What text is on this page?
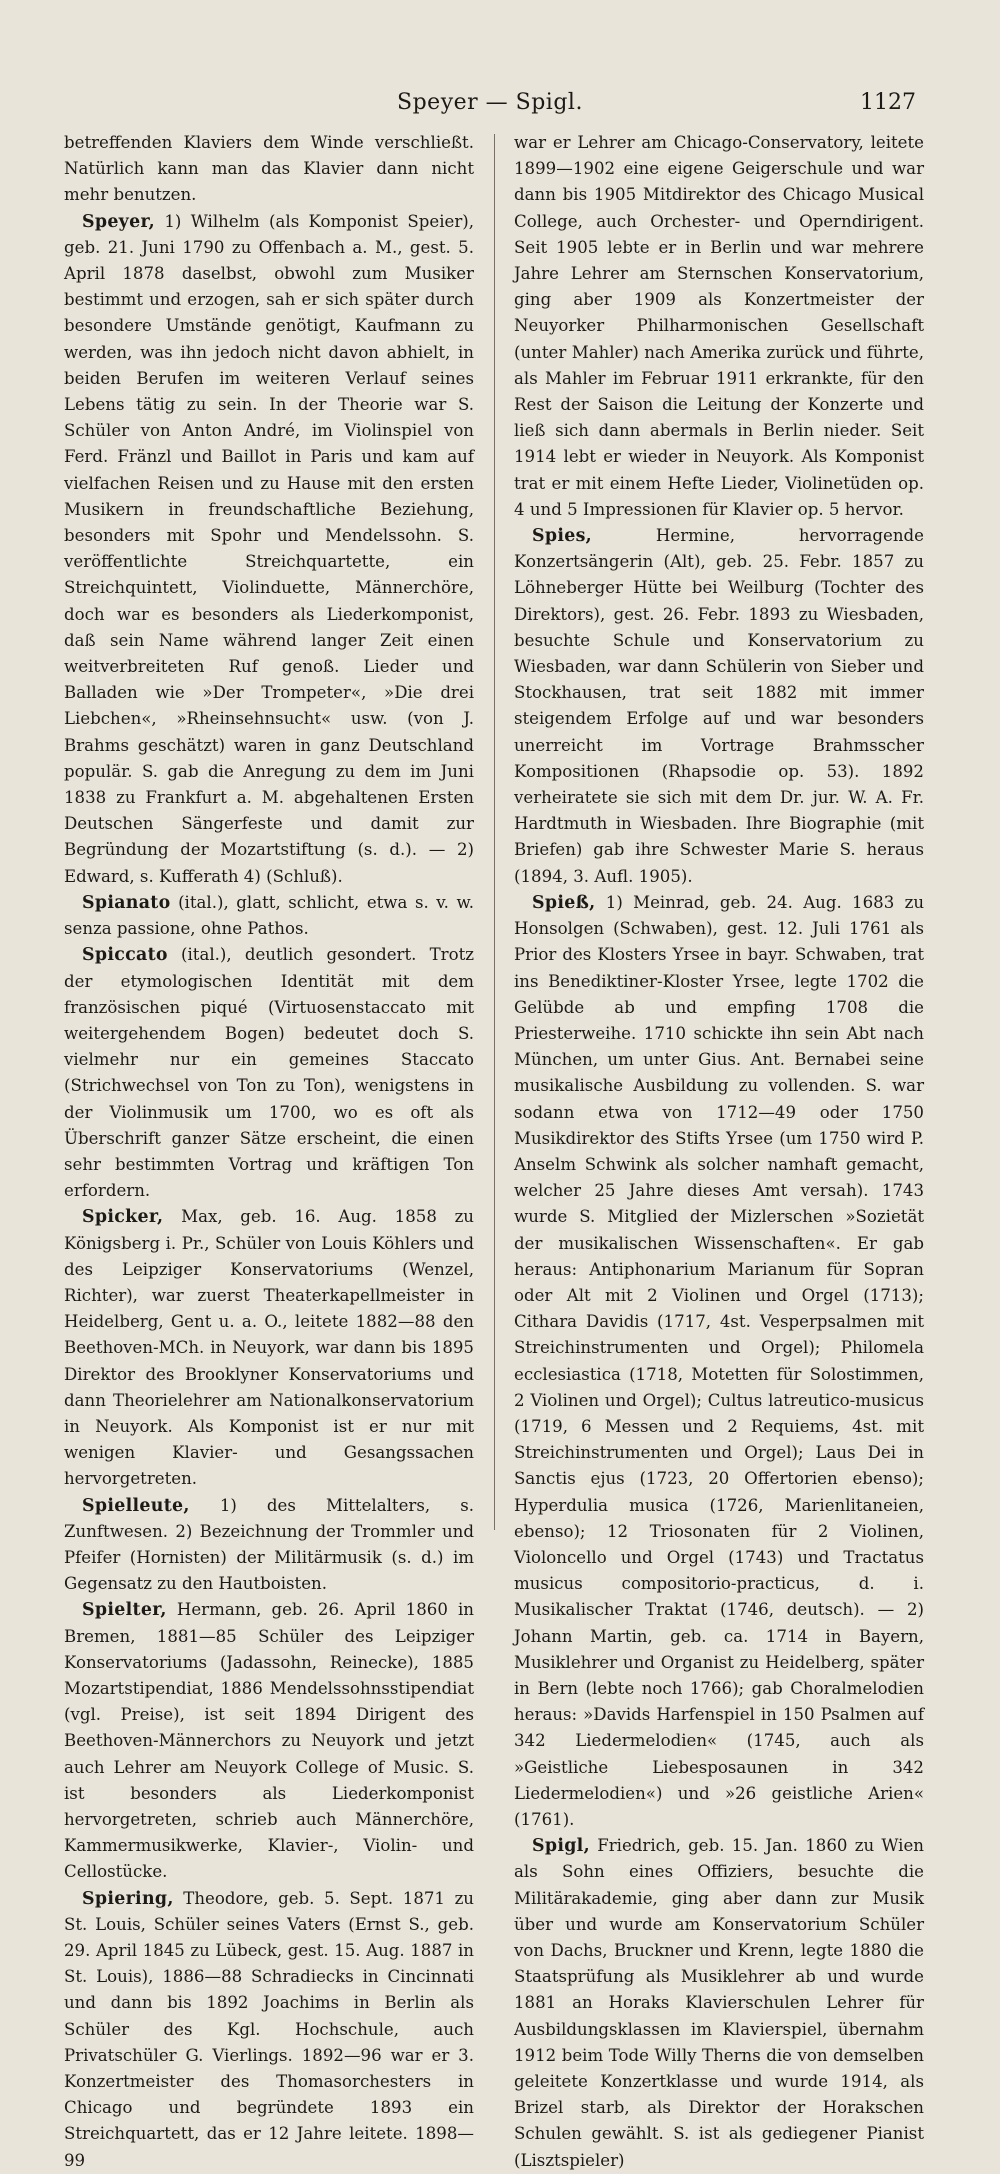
Speyer — Spigl.	1127

betreffenden Klaviers dem Winde verschließt. Natürlich kann man das Klavier dann nicht mehr benutzen.

Speyer, 1) Wilhelm (als Komponist Speier), geb. 21. Juni 1790 zu Offenbach a. M., gest. 5. April 1878 daselbst, obwohl zum Musiker bestimmt und erzogen, sah er sich später durch besondere Umstände genötigt, Kaufmann zu werden, was ihn jedoch nicht davon abhielt, in beiden Berufen im weiteren Verlauf seines Lebens tätig zu sein. In der Theorie war S. Schüler von Anton André, im Violinspiel von Ferd. Fränzl und Baillot in Paris und kam auf vielfachen Reisen und zu Hause mit den ersten Musikern in freundschaftliche Beziehung, besonders mit Spohr und Mendelssohn. S. veröffentlichte Streichquartette, ein Streichquintett, Violinduette, Männerchöre, doch war es besonders als Liederkomponist, daß sein Name während langer Zeit einen weitverbreiteten Ruf genoß. Lieder und Balladen wie »Der Trompeter«, »Die drei Liebchen«, »Rheinsehnsucht« usw. (von J. Brahms geschätzt) waren in ganz Deutschland populär. S. gab die Anregung zu dem im Juni 1838 zu Frankfurt a. M. abgehaltenen Ersten Deutschen Sängerfeste und damit zur Begründung der Mozartstiftung (s. d.). — 2) Edward, s. Kufferath 4) (Schluß).

Spianato (ital.), glatt, schlicht, etwa s. v. w. senza passione, ohne Pathos.

Spiccato (ital.), deutlich gesondert. Trotz der etymologischen Identität mit dem französischen piqué (Virtuosenstaccato mit weitergehendem Bogen) bedeutet doch S. vielmehr nur ein gemeines Staccato (Strichwechsel von Ton zu Ton), wenigstens in der Violinmusik um 1700, wo es oft als Überschrift ganzer Sätze erscheint, die einen sehr bestimmten Vortrag und kräftigen Ton erfordern.

Spicker, Max, geb. 16. Aug. 1858 zu Königsberg i. Pr., Schüler von Louis Köhlers und des Leipziger Konservatoriums (Wenzel, Richter), war zuerst Theaterkapellmeister in Heidelberg, Gent u. a. O., leitete 1882—88 den Beethoven-MCh. in Neuyork, war dann bis 1895 Direktor des Brooklyner Konservatoriums und dann Theorielehrer am Nationalkonservatorium in Neuyork. Als Komponist ist er nur mit wenigen Klavier- und Gesangssachen hervorgetreten.

Spielleute, 1) des Mittelalters, s. Zunftwesen. 2) Bezeichnung der Trommler und Pfeifer (Hornisten) der Militärmusik (s. d.) im Gegensatz zu den Hautboisten.

Spielter, Hermann, geb. 26. April 1860 in Bremen, 1881—85 Schüler des Leipziger Konservatoriums (Jadassohn, Reinecke), 1885 Mozartstipendiat, 1886 Mendelssohnsstipendiat (vgl. Preise), ist seit 1894 Dirigent des Beethoven-Männerchors zu Neuyork und jetzt auch Lehrer am Neuyork College of Music. S. ist besonders als Liederkomponist hervorgetreten, schrieb auch Männerchöre, Kammermusikwerke, Klavier-, Violin- und Cellostücke.

Spiering, Theodore, geb. 5. Sept. 1871 zu St. Louis, Schüler seines Vaters (Ernst S., geb. 29. April 1845 zu Lübeck, gest. 15. Aug. 1887 in St. Louis), 1886—88 Schradiecks in Cincinnati und dann bis 1892 Joachims in Berlin als Schüler des Kgl. Hochschule, auch Privatschüler G. Vierlings. 1892—96 war er 3. Konzertmeister des Thomasorchesters in Chicago und begründete 1893 ein Streichquartett, das er 12 Jahre leitete. 1898—99

war er Lehrer am Chicago-Conservatory, leitete 1899—1902 eine eigene Geigerschule und war dann bis 1905 Mitdirektor des Chicago Musical College, auch Orchester- und Operndirigent. Seit 1905 lebte er in Berlin und war mehrere Jahre Lehrer am Sternschen Konservatorium, ging aber 1909 als Konzertmeister der Neuyorker Philharmonischen Gesellschaft (unter Mahler) nach Amerika zurück und führte, als Mahler im Februar 1911 erkrankte, für den Rest der Saison die Leitung der Konzerte und ließ sich dann abermals in Berlin nieder. Seit 1914 lebt er wieder in Neuyork. Als Komponist trat er mit einem Hefte Lieder, Violinetüden op. 4 und 5 Impressionen für Klavier op. 5 hervor.

Spies, Hermine, hervorragende Konzertsängerin (Alt), geb. 25. Febr. 1857 zu Löhneberger Hütte bei Weilburg (Tochter des Direktors), gest. 26. Febr. 1893 zu Wiesbaden, besuchte Schule und Konservatorium zu Wiesbaden, war dann Schülerin von Sieber und Stockhausen, trat seit 1882 mit immer steigendem Erfolge auf und war besonders unerreicht im Vortrage Brahmsscher Kompositionen (Rhapsodie op. 53). 1892 verheiratete sie sich mit dem Dr. jur. W. A. Fr. Hardtmuth in Wiesbaden. Ihre Biographie (mit Briefen) gab ihre Schwester Marie S. heraus (1894, 3. Aufl. 1905).

Spieß, 1) Meinrad, geb. 24. Aug. 1683 zu Honsolgen (Schwaben), gest. 12. Juli 1761 als Prior des Klosters Yrsee in bayr. Schwaben, trat ins Benediktiner-Kloster Yrsee, legte 1702 die Gelübde ab und empfing 1708 die Priesterweihe. 1710 schickte ihn sein Abt nach München, um unter Gius. Ant. Bernabei seine musikalische Ausbildung zu vollenden. S. war sodann etwa von 1712—49 oder 1750 Musikdirektor des Stifts Yrsee (um 1750 wird P. Anselm Schwink als solcher namhaft gemacht, welcher 25 Jahre dieses Amt versah). 1743 wurde S. Mitglied der Mizlerschen »Sozietät der musikalischen Wissenschaften«. Er gab heraus: Antiphonarium Marianum für Sopran oder Alt mit 2 Violinen und Orgel (1713); Cithara Davidis (1717, 4st. Vesperpsalmen mit Streichinstrumenten und Orgel); Philomela ecclesiastica (1718, Motetten für Solostimmen, 2 Violinen und Orgel); Cultus latreutico-musicus (1719, 6 Messen und 2 Requiems, 4st. mit Streichinstrumenten und Orgel); Laus Dei in Sanctis ejus (1723, 20 Offertorien ebenso); Hyperdulia musica (1726, Marienlitaneien, ebenso); 12 Triosonaten für 2 Violinen, Violoncello und Orgel (1743) und Tractatus musicus compositorio-practicus, d. i. Musikalischer Traktat (1746, deutsch). — 2) Johann Martin, geb. ca. 1714 in Bayern, Musiklehrer und Organist zu Heidelberg, später in Bern (lebte noch 1766); gab Choralmelodien heraus: »Davids Harfenspiel in 150 Psalmen auf 342 Liedermelodien« (1745, auch als »Geistliche Liebesposaunen in 342 Liedermelodien«) und »26 geistliche Arien« (1761).

Spigl, Friedrich, geb. 15. Jan. 1860 zu Wien als Sohn eines Offiziers, besuchte die Militärakademie, ging aber dann zur Musik über und wurde am Konservatorium Schüler von Dachs, Bruckner und Krenn, legte 1880 die Staatsprüfung als Musiklehrer ab und wurde 1881 an Horaks Klavierschulen Lehrer für Ausbildungsklassen im Klavierspiel, übernahm 1912 beim Tode Willy Therns die von demselben geleitete Konzertklasse und wurde 1914, als Brizel starb, als Direktor der Horakschen Schulen gewählt. S. ist als gediegener Pianist (Lisztspieler)
